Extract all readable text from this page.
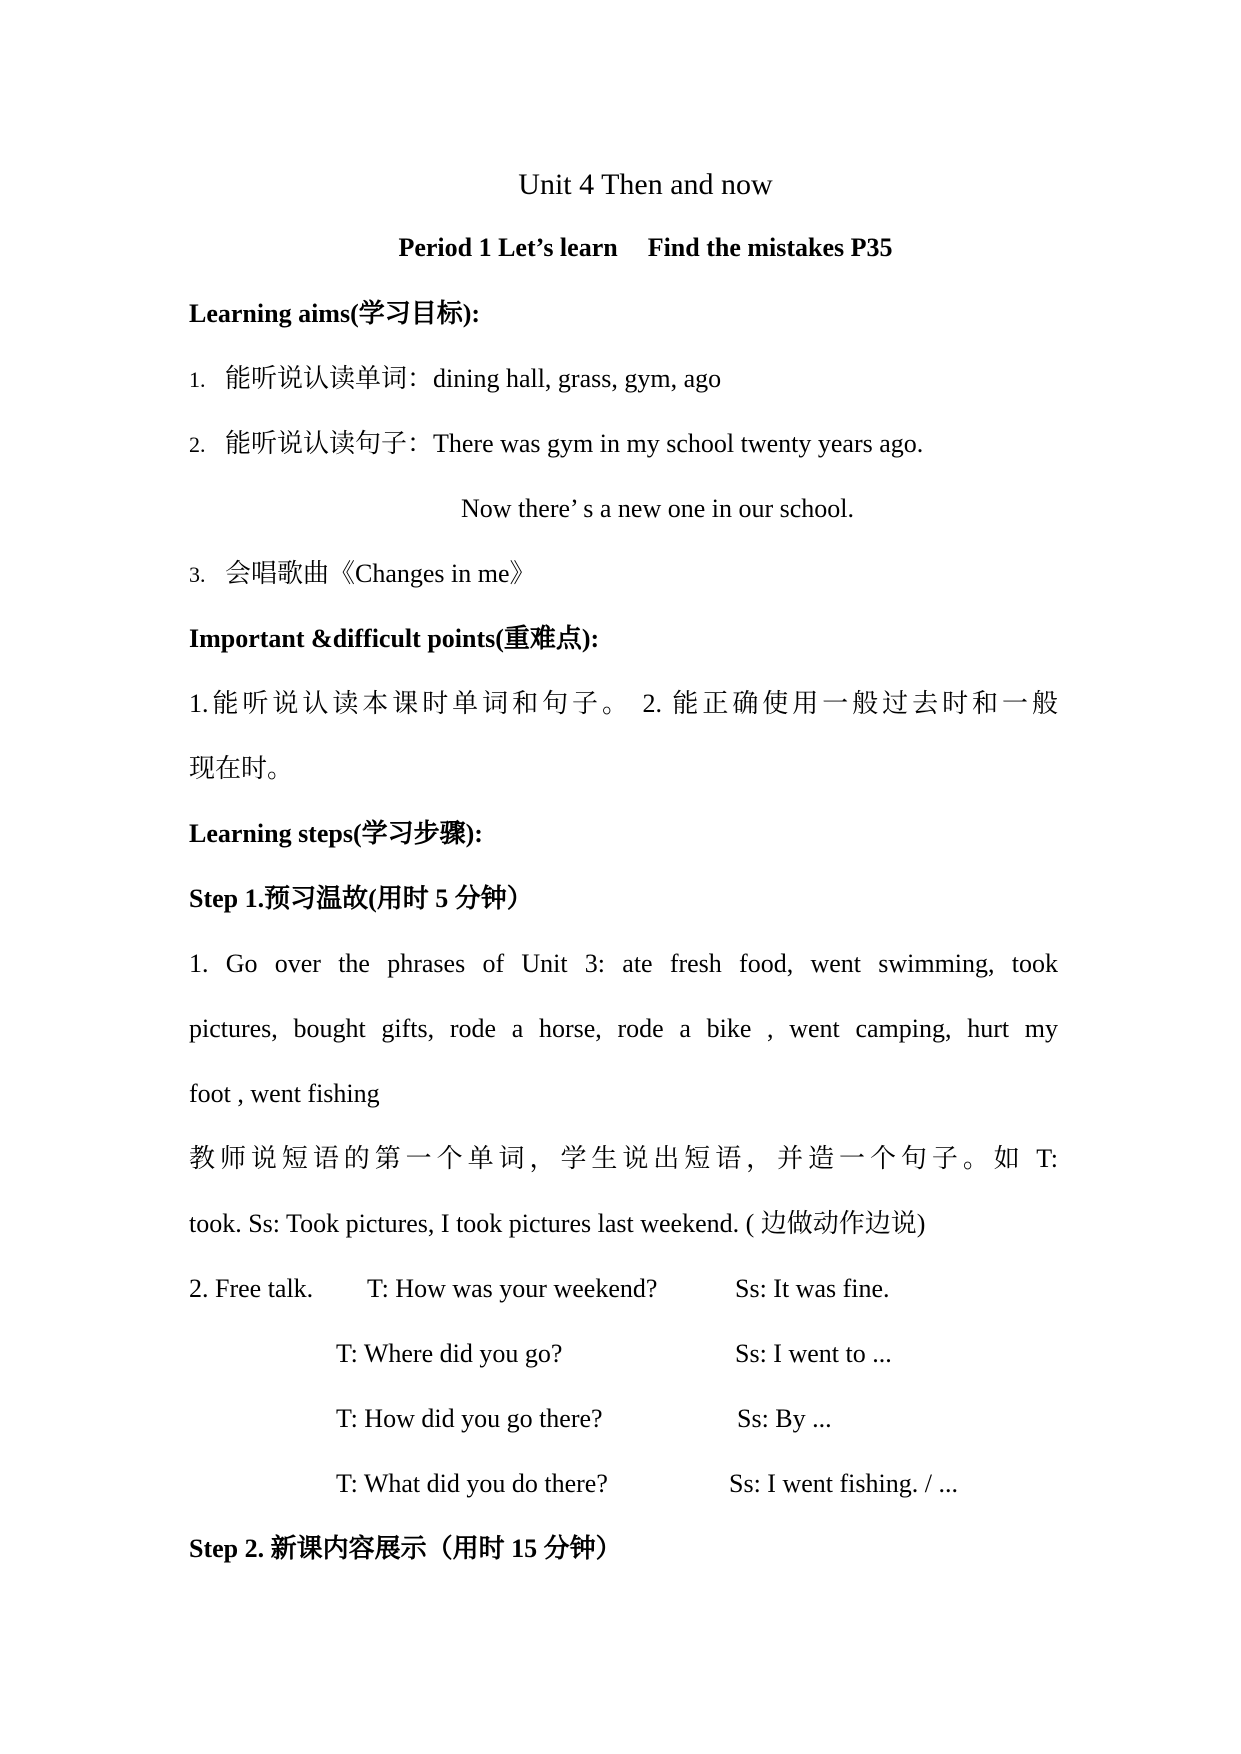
Unit 4 Then and now
Period 1 Let’s learn Find the mistakes P35
Learning aims(学习目标):
1. 能听说认读单词：dining hall, grass, gym, ago
2. 能听说认读句子：There was gym in my school twenty years ago.
Now there’ s a new one in our school.
3. 会唱歌曲《Changes in me》
Important &difficult points(重难点):
1.能听说认读本课时单词和句子。 2. 能正确使用一般过去时和一般
现在时。
Learning steps(学习步骤):
Step 1.预习温故(用时 5 分钟）
1. Go over the phrases of Unit 3: ate fresh food, went swimming, took
pictures, bought gifts, rode a horse, rode a bike , went camping, hurt my
foot , went fishing
教师说短语的第一个单词，学生说出短语，并造一个句子。如 T:
took. Ss: Took pictures, I took pictures last weekend. ( 边做动作边说)
2. Free talk. T: How was your weekend?	Ss: It was fine.
T: Where did you go?	Ss: I went to ...
T: How did you go there?	Ss: By ...
T: What did you do there?	Ss: I went fishing. / ...
Step 2. 新课内容展示（用时 15 分钟）
